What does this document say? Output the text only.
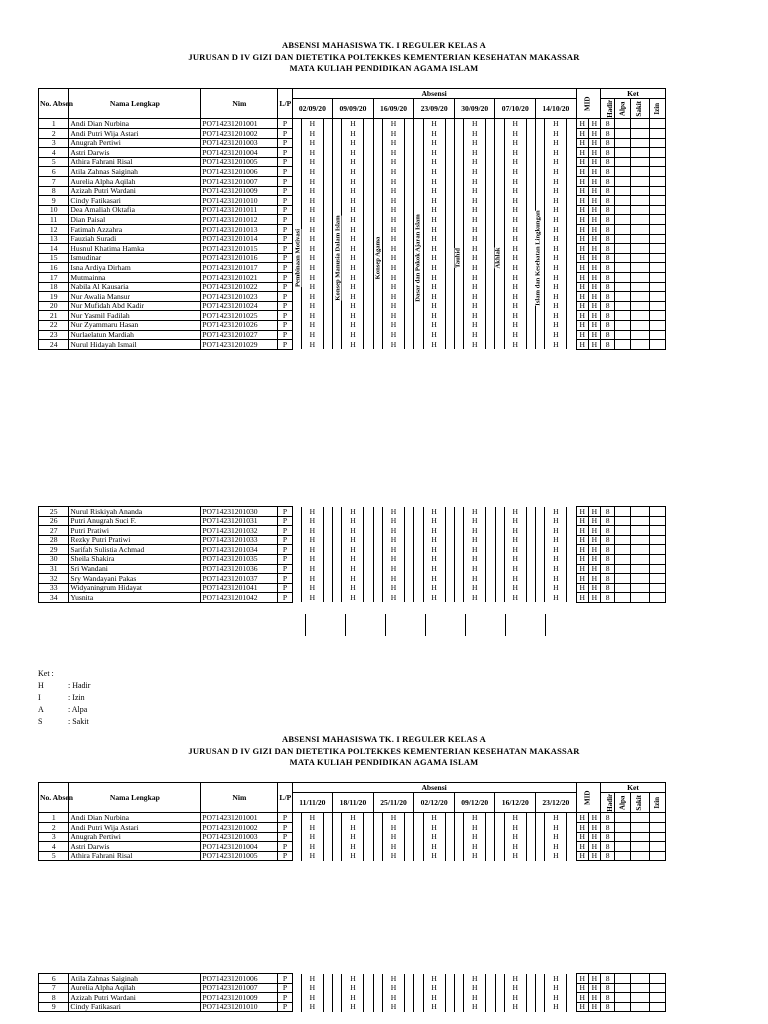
ABSENSI MAHASISWA TK. I REGULER KELAS A
JURUSAN D IV GIZI DAN DIETETIKA POLTEKKES KEMENTERIAN KESEHATAN MAKASSAR
MATA KULIAH PENDIDIKAN AGAMA ISLAM
No. Absen	Nama Lengkap	Nim	L/P	Absensi							MID		Ket			
				02/09/20	09/09/20	16/09/20	23/09/20	30/09/20	07/10/20	14/10/20			Hadir	Alpa	Sakit	Izin
1	Andi Dian Nurbina	PO714231201001	P	H	H	H	H	H	H	H	H	H	8			
2	Andi Putri Wija Astari	PO714231201002	P	H	H	H	H	H	H	H	H	H	8			
3	Anugrah Pertiwi	PO714231201003	P	H	H	H	H	H	H	H	H	H	8			
4	Astri Darwis	PO714231201004	P	H	H	H	H	H	H	H	H	H	8			
5	Athira Fahrani Risal	PO714231201005	P	H	H	H	H	H	H	H	H	H	8			
6	Atila Zahnas Saiginah	PO714231201006	P	H	H	H	H	H	H	H	H	H	8			
7	Aurelia Alpha Aqilah	PO714231201007	P	H	H	H	H	H	H	H	H	H	8			
8	Azizah Putri Wardani	PO714231201009	P	H	H	H	H	H	H	H	H	H	8			
9	Cindy Fatikasari	PO714231201010	P	H	H	H	H	H	H	H	H	H	8			
10	Dea Amaliah Oktafia	PO714231201011	P	H	H	H	H	H	H	H	H	H	8			
11	Dian Paisal	PO714231201012	P	H	H	H	H	H	H	H	H	H	8			
12	Fatimah Azzahra	PO714231201013	P	H	H	H	H	H	H	H	H	H	8			
13	Fauziah Suradi	PO714231201014	P	H	H	H	H	H	H	H	H	H	8			
14	Husnul Khatima Hamka	PO714231201015	P	H	H	H	H	H	H	H	H	H	8			
15	Ismudinar	PO714231201016	P	H	H	H	H	H	H	H	H	H	8			
16	Isna Ardiya Dirham	PO714231201017	P	H	H	H	H	H	H	H	H	H	8			
17	Mutmainna	PO714231201021	P	H	H	H	H	H	H	H	H	H	8			
18	Nabila Al Kausaria	PO714231201022	P	H	H	H	H	H	H	H	H	H	8			
19	Nur Awalia Mansur	PO714231201023	P	H	H	H	H	H	H	H	H	H	8			
20	Nur Mufidah Abd Kadir	PO714231201024	P	H	H	H	H	H	H	H	H	H	8			
21	Nur Yasmil Fadilah	PO714231201025	P	H	H	H	H	H	H	H	H	H	8			
22	Nur Zyammaru Hasan	PO714231201026	P	H	H	H	H	H	H	H	H	H	8			
23	Nurlaelatun Mardiah	PO714231201027	P	H	H	H	H	H	H	H	H	H	8			
24	Nurul Hidayah Ismail	PO714231201029	P	H	H	H	H	H	H	H	H	H	8			
25	Nurul Riskiyah Ananda	PO714231201030	P	H	H	H	H	H	H	H	H	H	8			
26	Putri Anugrah Suci F.	PO714231201031	P	H	H	H	H	H	H	H	H	H	8			
27	Putri Pratiwi	PO714231201032	P	H	H	H	H	H	H	H	H	H	8			
28	Rezky Putri Pratiwi	PO714231201033	P	H	H	H	H	H	H	H	H	H	8			
29	Sarifah Sulistia Achmad	PO714231201034	P	H	H	H	H	H	H	H	H	H	8			
30	Sheila Shakira	PO714231201035	P	H	H	H	H	H	H	H	H	H	8			
31	Sri Wandani	PO714231201036	P	H	H	H	H	H	H	H	H	H	8			
32	Sry Wandayani Pakas	PO714231201037	P	H	H	H	H	H	H	H	H	H	8			
33	Widyaningrum Hidayat	PO714231201041	P	H	H	H	H	H	H	H	H	H	8			
34	Yusnita	PO714231201042	P	H	H	H	H	H	H	H	H	H	8			
Ket :
H	: Hadir
I	: Izin
A	: Alpa
S	: Sakit
ABSENSI MAHASISWA TK. I REGULER KELAS A
JURUSAN D IV GIZI DAN DIETETIKA POLTEKKES KEMENTERIAN KESEHATAN MAKASSAR
MATA KULIAH PENDIDIKAN AGAMA ISLAM
No. Absen	Nama Lengkap	Nim	L/P	Absensi							MID		Ket			
				11/11/20	18/11/20	25/11/20	02/12/20	09/12/20	16/12/20	23/12/20			Hadir	Alpa	Sakit	Izin
1	Andi Dian Nurbina	PO714231201001	P	H	H	H	H	H	H	H	H	H	8			
2	Andi Putri Wija Astari	PO714231201002	P	H	H	H	H	H	H	H	H	H	8			
3	Anugrah Pertiwi	PO714231201003	P	H	H	H	H	H	H	H	H	H	8			
4	Astri Darwis	PO714231201004	P	H	H	H	H	H	H	H	H	H	8			
5	Athira Fahrani Risal	PO714231201005	P	H	H	H	H	H	H	H	H	H	8			
6	Atila Zahnas Saiginah	PO714231201006	P	H	H	H	H	H	H	H	H	H	8			
7	Aurelia Alpha Aqilah	PO714231201007	P	H	H	H	H	H	H	H	H	H	8			
8	Azizah Putri Wardani	PO714231201009	P	H	H	H	H	H	H	H	H	H	8			
9	Cindy Fatikasari	PO714231201010	P	H	H	H	H	H	H	H	H	H	8			
Pembinaan Motivasi	Konsep Manusia Dalam Islam	Konsep Agama	Dasar dan Pokok Ajaran Islam	Tauhid	Akhlak	Islam dan Kesehatan Lingkungan
